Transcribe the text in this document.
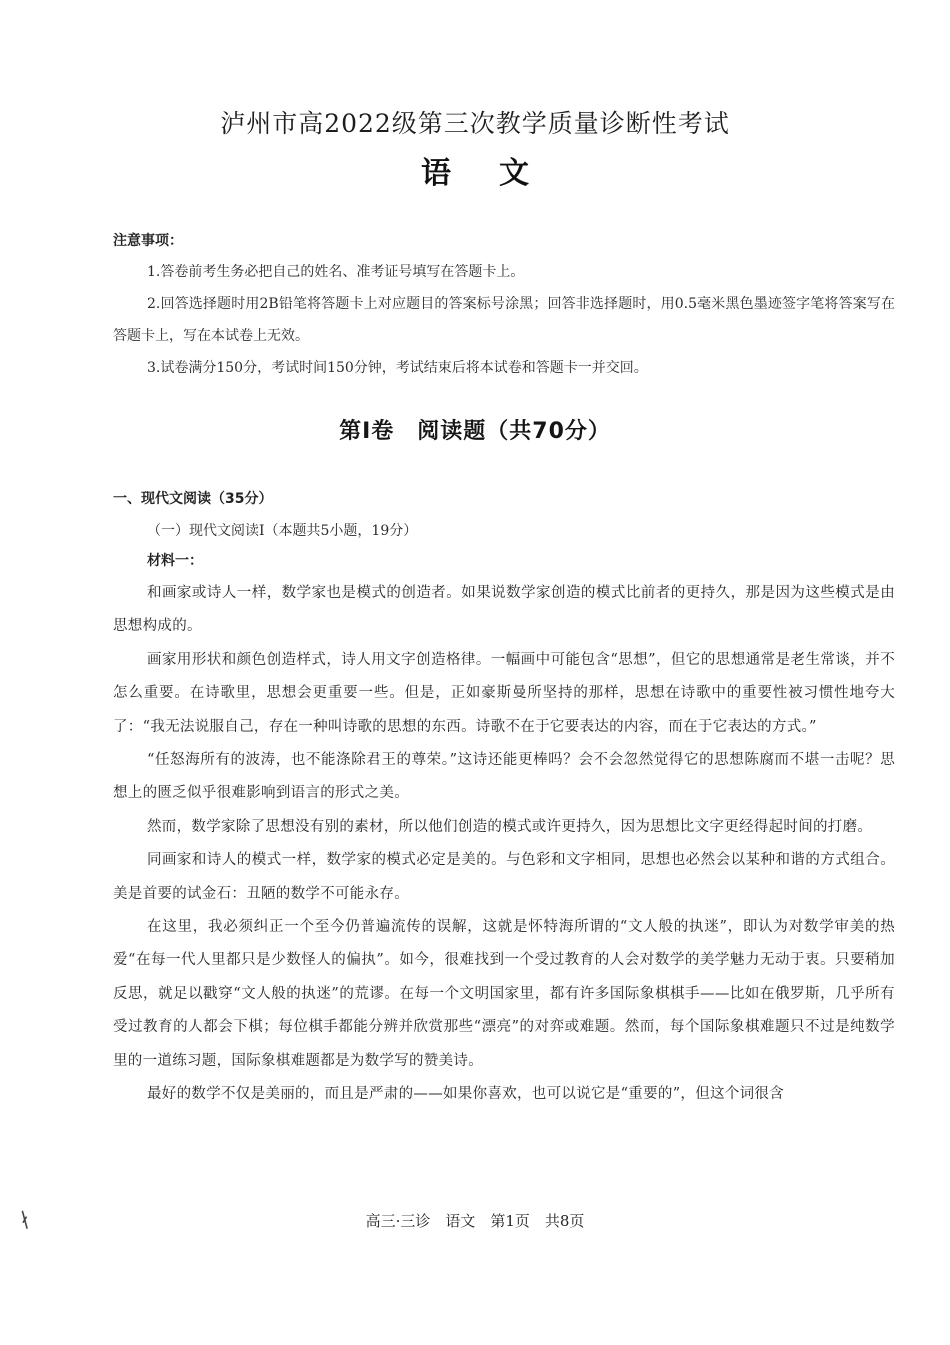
泸州市高2022级第三次教学质量诊断性考试
语文
注意事项：
1.答卷前考生务必把自己的姓名、准考证号填写在答题卡上。
2.回答选择题时用2B铅笔将答题卡上对应题目的答案标号涂黑；回答非选择题时，用0.5毫米黑色墨迹签字笔将答案写在答题卡上，写在本试卷上无效。
3.试卷满分150分，考试时间150分钟，考试结束后将本试卷和答题卡一并交回。
第Ⅰ卷　阅读题（共70分）
一、现代文阅读（35分）
（一）现代文阅读Ⅰ（本题共5小题，19分）
材料一：

和画家或诗人一样，数学家也是模式的创造者。如果说数学家创造的模式比前者的更持久，那是因为这些模式是由思想构成的。

画家用形状和颜色创造样式，诗人用文字创造格律。一幅画中可能包含“思想”，但它的思想通常是老生常谈，并不怎么重要。在诗歌里，思想会更重要一些。但是，正如豪斯曼所坚持的那样，思想在诗歌中的重要性被习惯性地夸大了：“我无法说服自己，存在一种叫诗歌的思想的东西。诗歌不在于它要表达的内容，而在于它表达的方式。”

“任怒海所有的波涛，也不能涤除君王的尊荣。”这诗还能更棒吗？会不会忽然觉得它的思想陈腐而不堪一击呢？思想上的匮乏似乎很难影响到语言的形式之美。

然而，数学家除了思想没有别的素材，所以他们创造的模式或许更持久，因为思想比文字更经得起时间的打磨。

同画家和诗人的模式一样，数学家的模式必定是美的。与色彩和文字相同，思想也必然会以某种和谐的方式组合。美是首要的试金石：丑陋的数学不可能永存。

在这里，我必须纠正一个至今仍普遍流传的误解，这就是怀特海所谓的“文人般的执迷”，即认为对数学审美的热爱“在每一代人里都只是少数怪人的偏执”。如今，很难找到一个受过教育的人会对数学的美学魅力无动于衷。只要稍加反思，就足以戳穿“文人般的执迷”的荒谬。在每一个文明国家里，都有许多国际象棋棋手——比如在俄罗斯，几乎所有受过教育的人都会下棋；每位棋手都能分辨并欣赏那些“漂亮”的对弈或难题。然而，每个国际象棋难题只不过是纯数学里的一道练习题，国际象棋难题都是为数学写的赞美诗。

最好的数学不仅是美丽的，而且是严肃的——如果你喜欢，也可以说它是“重要的”，但这个词很含

∤	高三·三诊　语文　第1页　共8页
